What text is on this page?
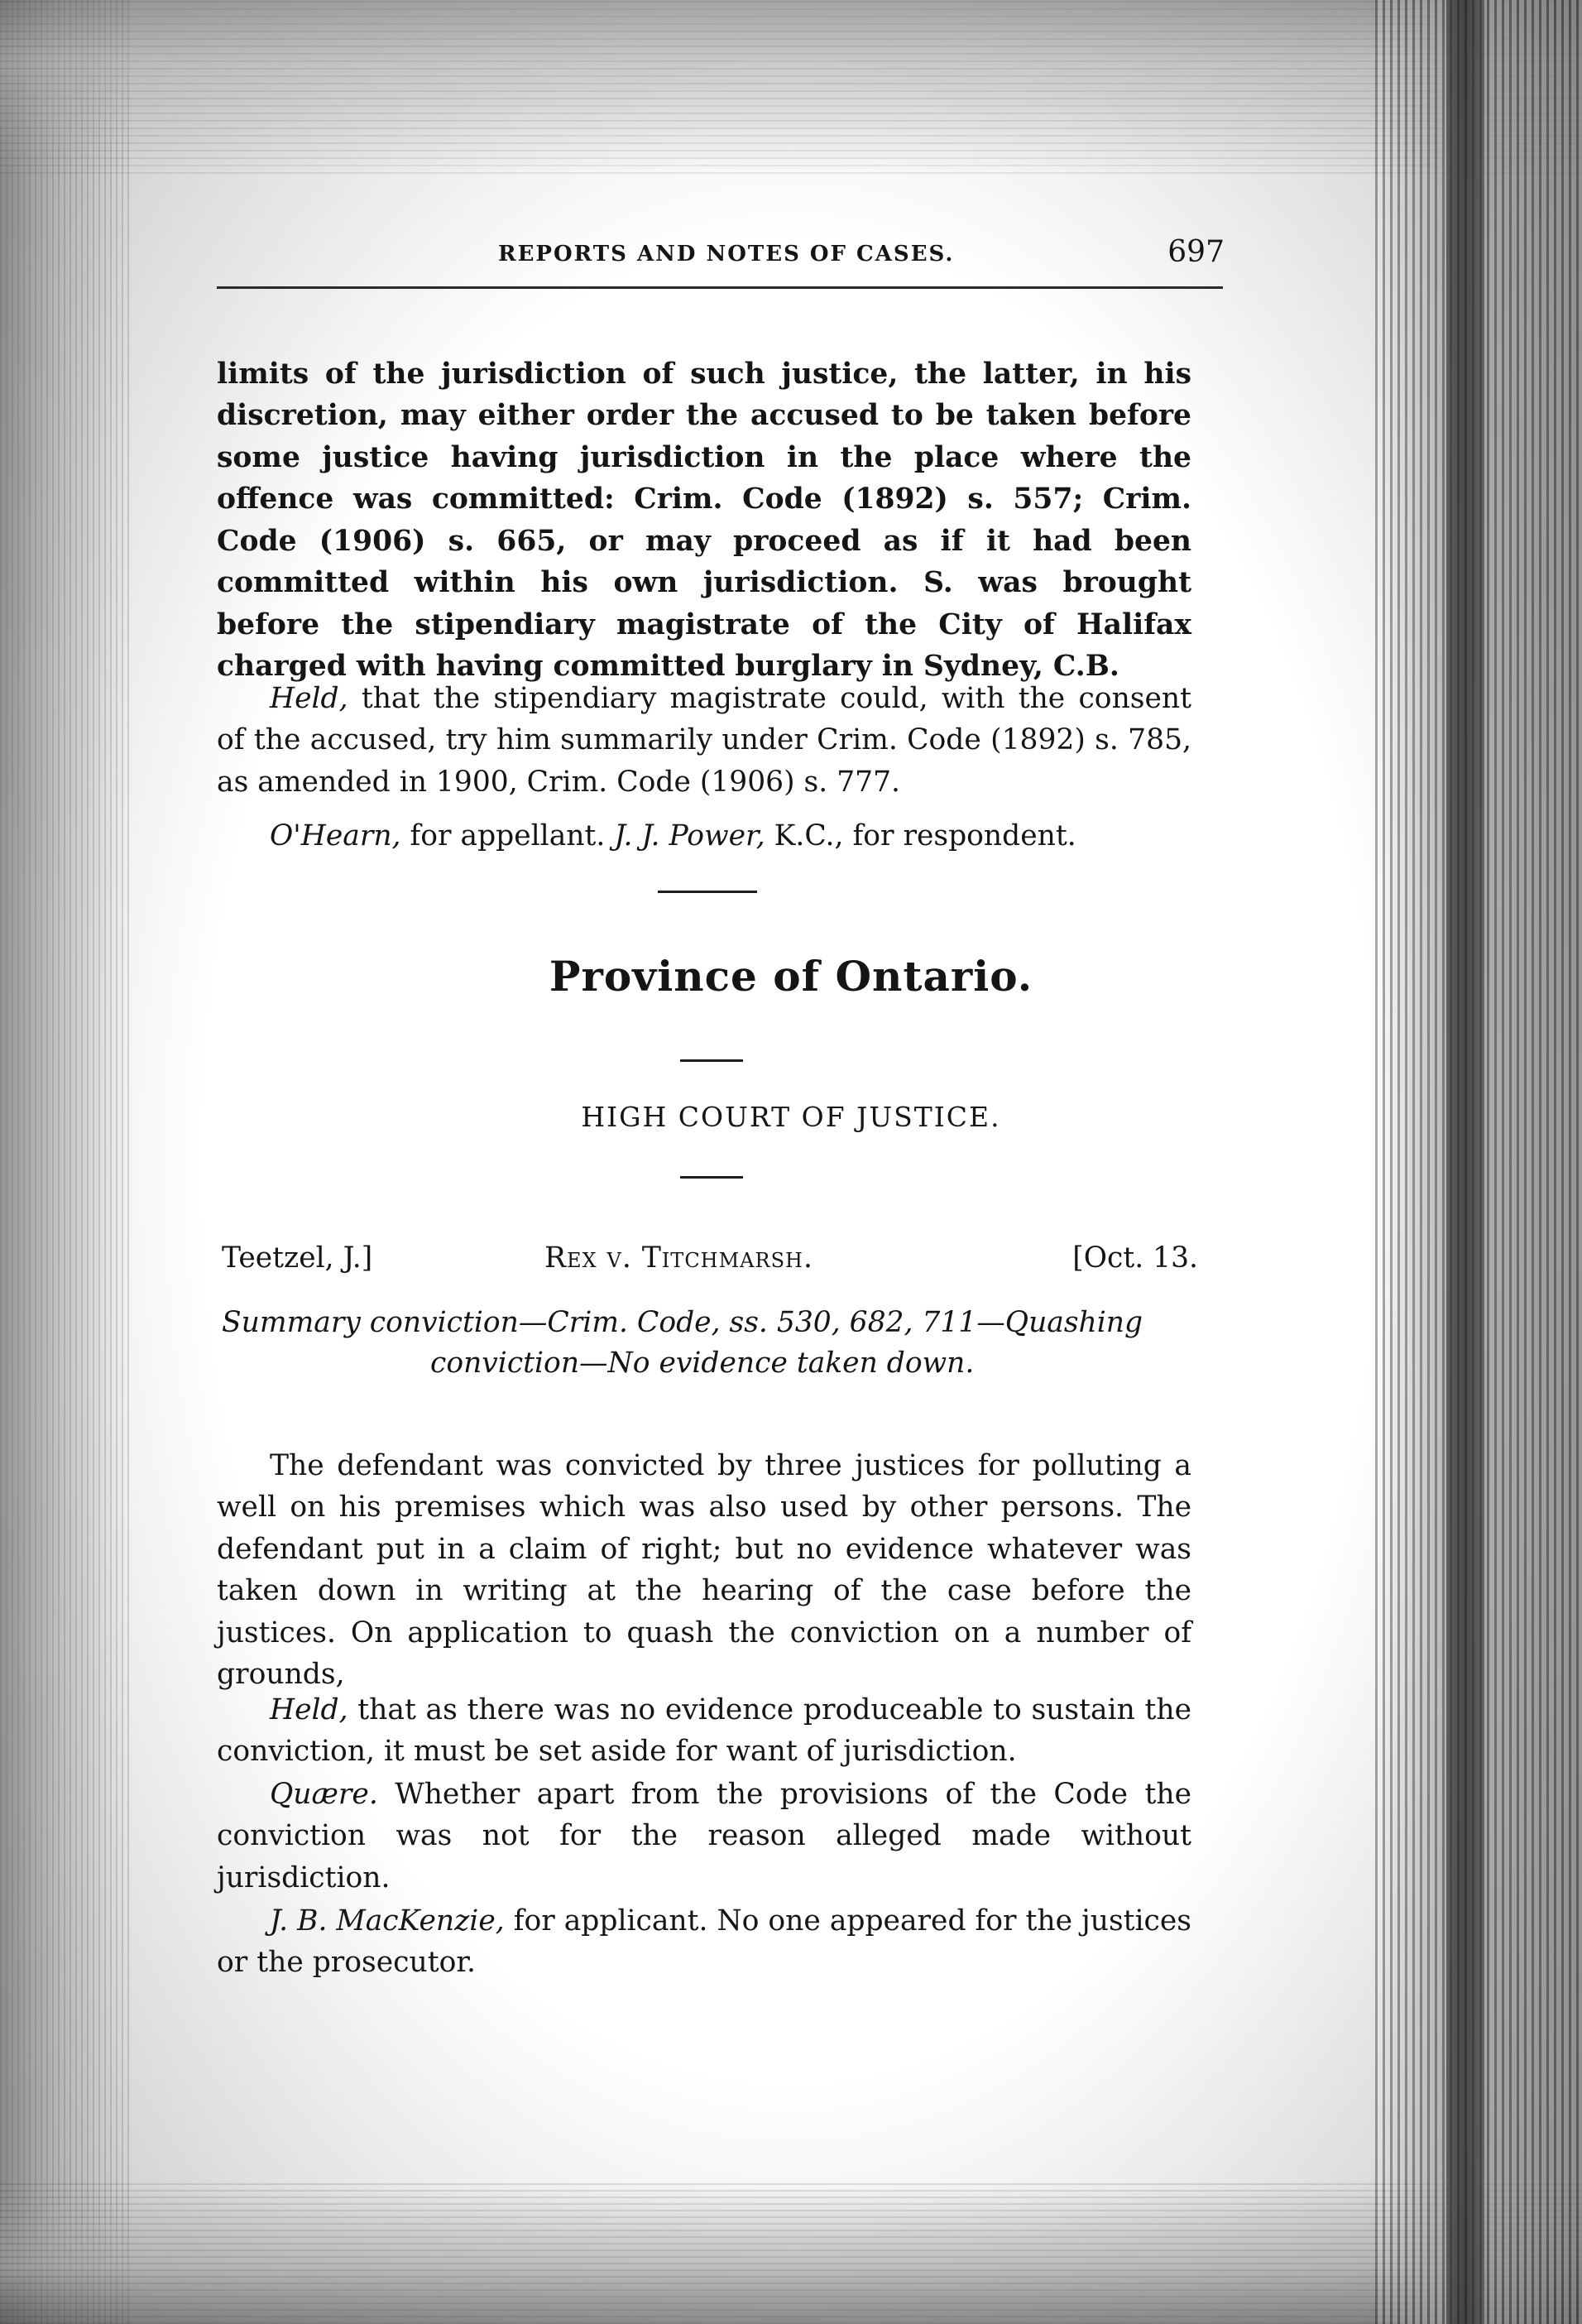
REPORTS AND NOTES OF CASES.	697

limits of the jurisdiction of such justice, the latter, in his discretion, may either order the accused to be taken before some justice having jurisdiction in the place where the offence was committed: Crim. Code (1892) s. 557; Crim. Code (1906) s. 665, or may proceed as if it had been committed within his own jurisdiction. S. was brought before the stipendiary magistrate of the City of Halifax charged with having committed burglary in Sydney, C.B.

Held, that the stipendiary magistrate could, with the consent of the accused, try him summarily under Crim. Code (1892) s. 785, as amended in 1900, Crim. Code (1906) s. 777.

O'Hearn, for appellant. J. J. Power, K.C., for respondent.

Province of Ontario.
HIGH COURT OF JUSTICE.
Teetzel, J.]	Rex v. Titchmarsh.	[Oct. 13.
Summary conviction—Crim. Code, ss. 530, 682, 711—Quashing
conviction—No evidence taken down.

The defendant was convicted by three justices for polluting a well on his premises which was also used by other persons. The defendant put in a claim of right; but no evidence whatever was taken down in writing at the hearing of the case before the justices. On application to quash the conviction on a number of grounds,

Held, that as there was no evidence produceable to sustain the conviction, it must be set aside for want of jurisdiction.

Quære. Whether apart from the provisions of the Code the conviction was not for the reason alleged made without jurisdiction.

J. B. MacKenzie, for applicant. No one appeared for the justices or the prosecutor.
